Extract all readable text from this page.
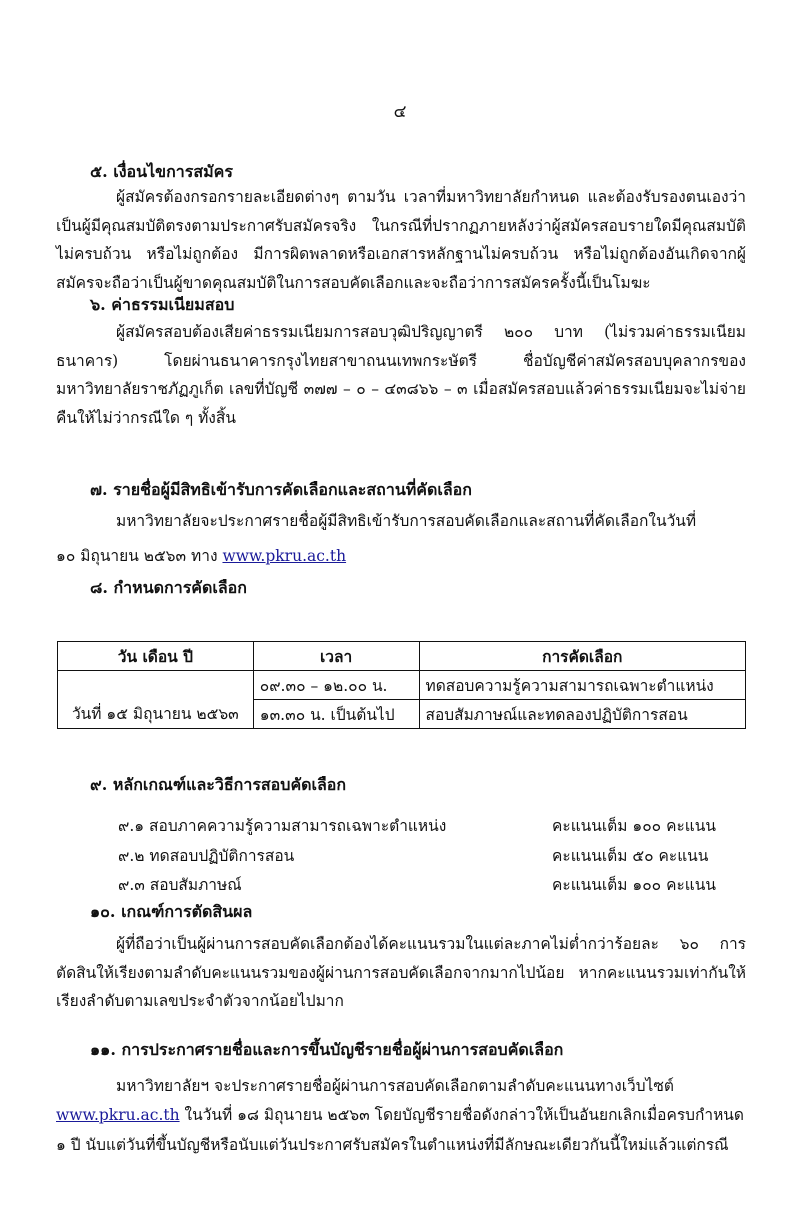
๔
๕. เงื่อนไขการสมัคร
ผู้สมัครต้องกรอกรายละเอียดต่างๆ ตามวัน เวลาที่มหาวิทยาลัยกำหนด และต้องรับรองตนเองว่าเป็นผู้มีคุณสมบัติตรงตามประกาศรับสมัครจริง ในกรณีที่ปรากฏภายหลังว่าผู้สมัครสอบรายใดมีคุณสมบัติไม่ครบถ้วน หรือไม่ถูกต้อง มีการผิดพลาดหรือเอกสารหลักฐานไม่ครบถ้วน หรือไม่ถูกต้องอันเกิดจากผู้สมัครจะถือว่าเป็นผู้ขาดคุณสมบัติในการสอบคัดเลือกและจะถือว่าการสมัครครั้งนี้เป็นโมฆะ
๖. ค่าธรรมเนียมสอบ
ผู้สมัครสอบต้องเสียค่าธรรมเนียมการสอบวุฒิปริญญาตรี ๒๐๐ บาท (ไม่รวมค่าธรรมเนียมธนาคาร) โดยผ่านธนาคารกรุงไทยสาขาถนนเทพกระษัตรี ชื่อบัญชีค่าสมัครสอบบุคลากรของมหาวิทยาลัยราชภัฏภูเก็ต เลขที่บัญชี ๓๗๗ – ๐ – ๔๓๘๖๖ – ๓ เมื่อสมัครสอบแล้วค่าธรรมเนียมจะไม่จ่ายคืนให้ไม่ว่ากรณีใด ๆ ทั้งสิ้น
๗. รายชื่อผู้มีสิทธิเข้ารับการคัดเลือกและสถานที่คัดเลือก
มหาวิทยาลัยจะประกาศรายชื่อผู้มีสิทธิเข้ารับการสอบคัดเลือกและสถานที่คัดเลือกในวันที่
๑๐ มิถุนายน ๒๕๖๓ ทาง www.pkru.ac.th
๘. กำหนดการคัดเลือก
วัน เดือน ปี	เวลา	การคัดเลือก
วันที่ ๑๕ มิถุนายน ๒๕๖๓	๐๙.๓๐ – ๑๒.๐๐ น.	ทดสอบความรู้ความสามารถเฉพาะตำแหน่ง
	๑๓.๓๐ น. เป็นต้นไป	สอบสัมภาษณ์และทดลองปฏิบัติการสอน
๙. หลักเกณฑ์และวิธีการสอบคัดเลือก
๙.๑ สอบภาคความรู้ความสามารถเฉพาะตำแหน่ง	คะแนนเต็ม ๑๐๐ คะแนน
๙.๒ ทดสอบปฏิบัติการสอน	คะแนนเต็ม ๕๐ คะแนน
๙.๓ สอบสัมภาษณ์	คะแนนเต็ม ๑๐๐ คะแนน
๑๐. เกณฑ์การตัดสินผล
ผู้ที่ถือว่าเป็นผู้ผ่านการสอบคัดเลือกต้องได้คะแนนรวมในแต่ละภาคไม่ต่ำกว่าร้อยละ ๖๐ การตัดสินให้เรียงตามลำดับคะแนนรวมของผู้ผ่านการสอบคัดเลือกจากมากไปน้อย หากคะแนนรวมเท่ากันให้เรียงลำดับตามเลขประจำตัวจากน้อยไปมาก
๑๑. การประกาศรายชื่อและการขึ้นบัญชีรายชื่อผู้ผ่านการสอบคัดเลือก
มหาวิทยาลัยฯ จะประกาศรายชื่อผู้ผ่านการสอบคัดเลือกตามลำดับคะแนนทางเว็บไซต์
www.pkru.ac.th ในวันที่ ๑๘ มิถุนายน ๒๕๖๓ โดยบัญชีรายชื่อดังกล่าวให้เป็นอันยกเลิกเมื่อครบกำหนด
๑ ปี นับแต่วันที่ขึ้นบัญชีหรือนับแต่วันประกาศรับสมัครในตำแหน่งที่มีลักษณะเดียวกันนี้ใหม่แล้วแต่กรณี
